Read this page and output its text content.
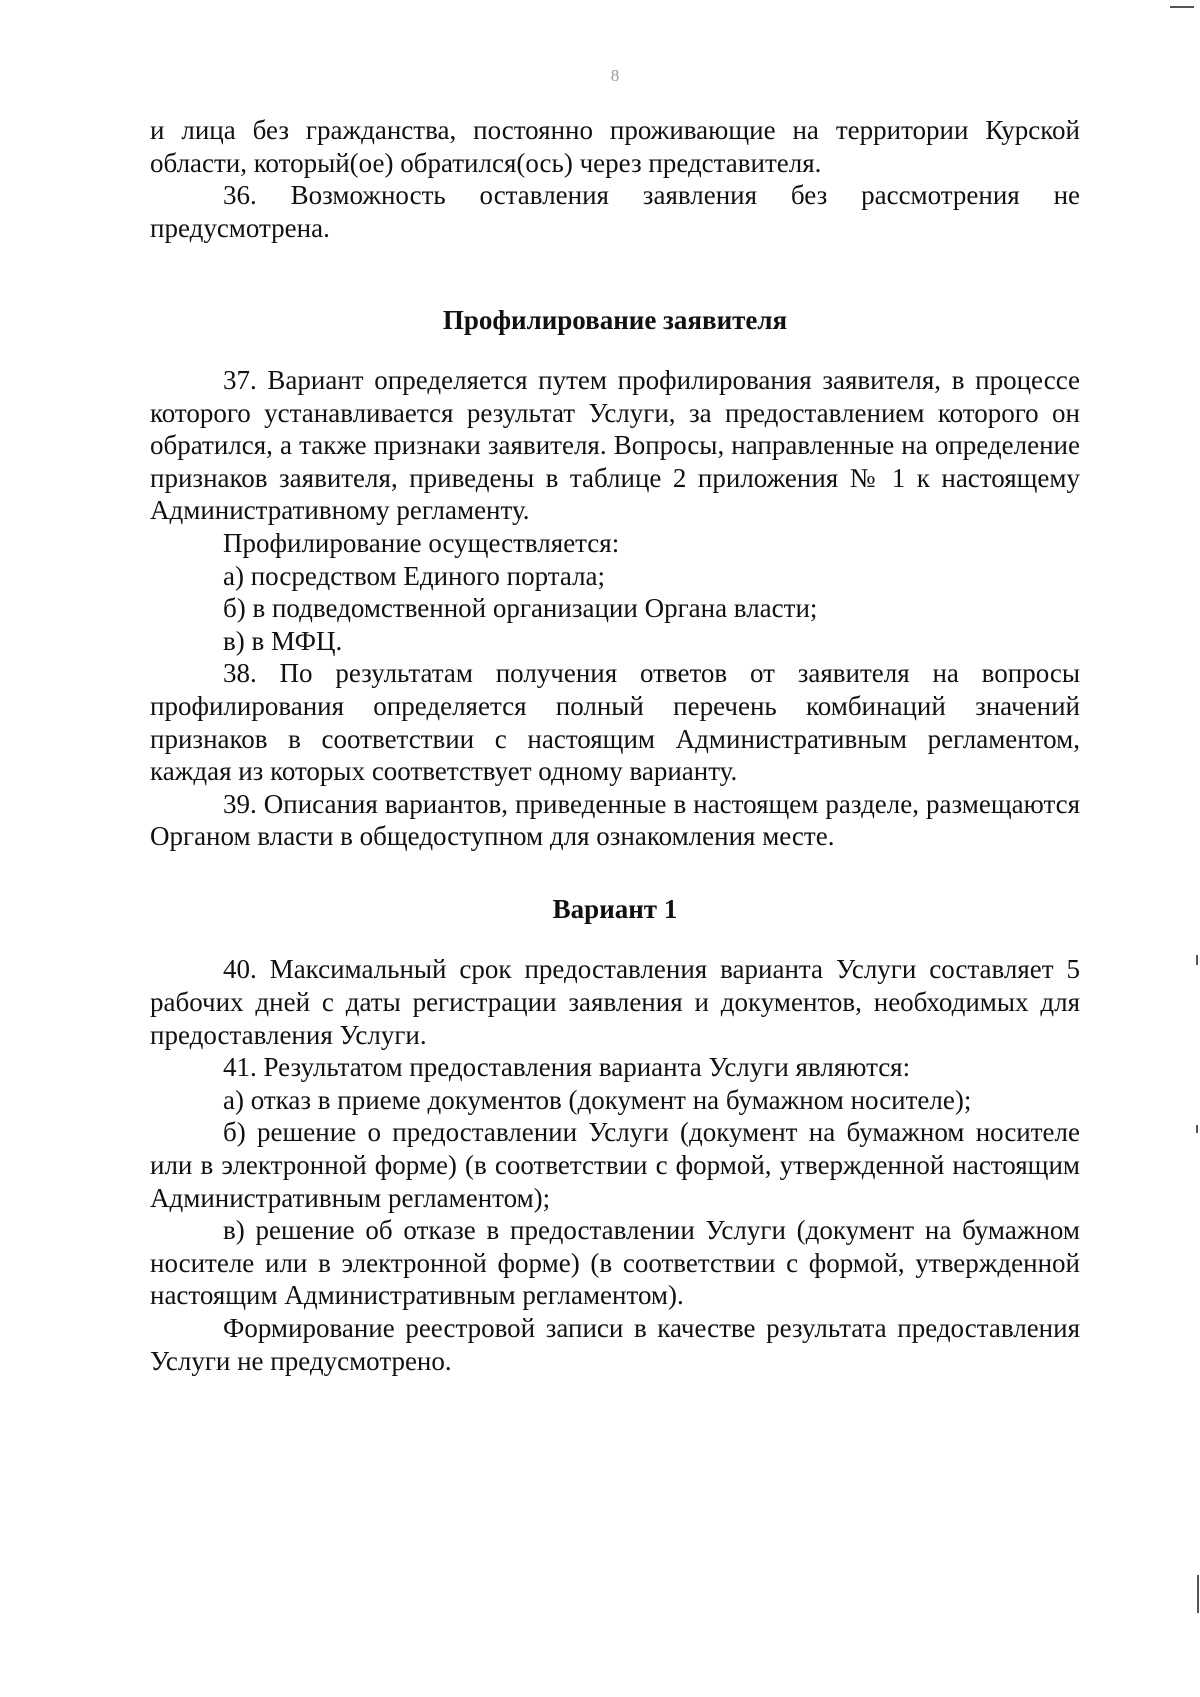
8

и лица без гражданства, постоянно проживающие на территории Курской области, который(ое) обратился(ось) через представителя.

36. Возможность оставления заявления без рассмотрения не предусмотрена.

Профилирование заявителя

37. Вариант определяется путем профилирования заявителя, в процессе которого устанавливается результат Услуги, за предоставлением которого он обратился, а также признаки заявителя. Вопросы, направленные на определение признаков заявителя, приведены в таблице 2 приложения № 1 к настоящему Административному регламенту.

Профилирование осуществляется:

а) посредством Единого портала;

б) в подведомственной организации Органа власти;

в) в МФЦ.

38. По результатам получения ответов от заявителя на вопросы профилирования определяется полный перечень комбинаций значений признаков в соответствии с настоящим Административным регламентом, каждая из которых соответствует одному варианту.

39. Описания вариантов, приведенные в настоящем разделе, размещаются Органом власти в общедоступном для ознакомления месте.

Вариант 1

40. Максимальный срок предоставления варианта Услуги составляет 5 рабочих дней с даты регистрации заявления и документов, необходимых для предоставления Услуги.

41. Результатом предоставления варианта Услуги являются:

а) отказ в приеме документов (документ на бумажном носителе);

б) решение о предоставлении Услуги (документ на бумажном носителе или в электронной форме) (в соответствии с формой, утвержденной настоящим Административным регламентом);

в) решение об отказе в предоставлении Услуги (документ на бумажном носителе или в электронной форме) (в соответствии с формой, утвержденной настоящим Административным регламентом).

Формирование реестровой записи в качестве результата предоставления Услуги не предусмотрено.
